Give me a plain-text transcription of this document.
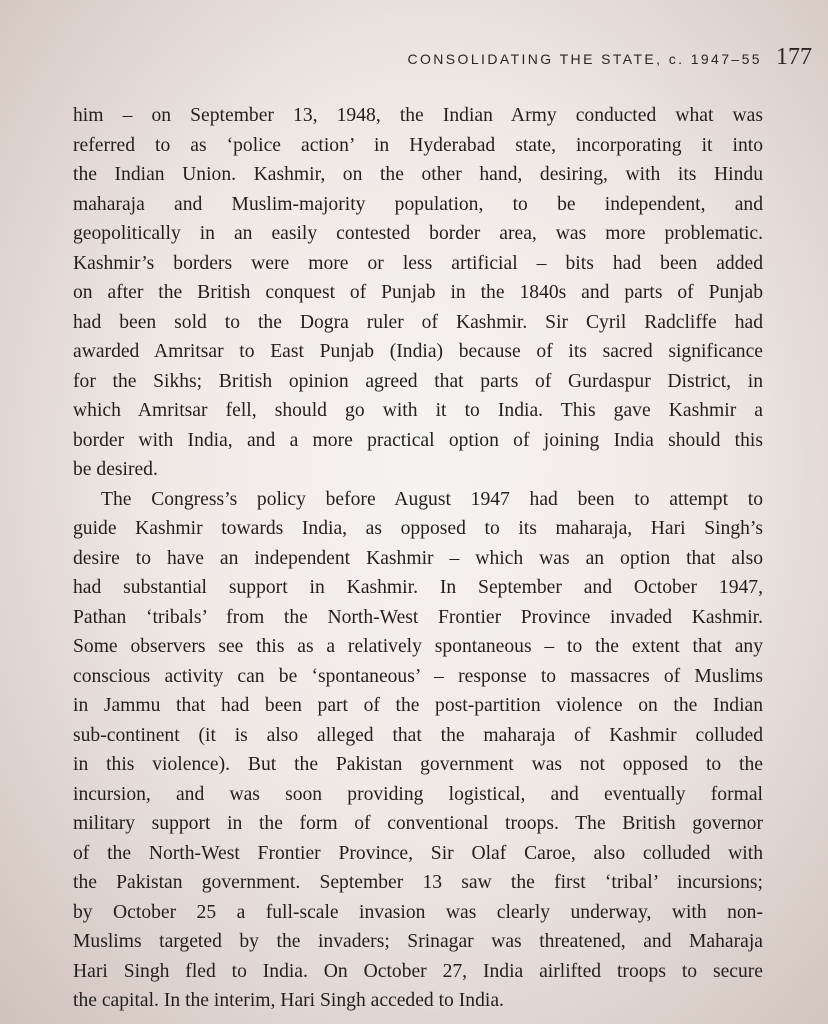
CONSOLIDATING THE STATE, c. 1947–55 177
him – on September 13, 1948, the Indian Army conducted what was
referred to as ‘police action’ in Hyderabad state, incorporating it into
the Indian Union. Kashmir, on the other hand, desiring, with its Hindu
maharaja and Muslim-majority population, to be independent, and
geopolitically in an easily contested border area, was more problematic.
Kashmir’s borders were more or less artificial – bits had been added
on after the British conquest of Punjab in the 1840s and parts of Punjab
had been sold to the Dogra ruler of Kashmir. Sir Cyril Radcliffe had
awarded Amritsar to East Punjab (India) because of its sacred significance
for the Sikhs; British opinion agreed that parts of Gurdaspur District, in
which Amritsar fell, should go with it to India. This gave Kashmir a
border with India, and a more practical option of joining India should this
be desired.
The Congress’s policy before August 1947 had been to attempt to
guide Kashmir towards India, as opposed to its maharaja, Hari Singh’s
desire to have an independent Kashmir – which was an option that also
had substantial support in Kashmir. In September and October 1947,
Pathan ‘tribals’ from the North-West Frontier Province invaded Kashmir.
Some observers see this as a relatively spontaneous – to the extent that any
conscious activity can be ‘spontaneous’ – response to massacres of Muslims
in Jammu that had been part of the post-partition violence on the Indian
sub-continent (it is also alleged that the maharaja of Kashmir colluded
in this violence). But the Pakistan government was not opposed to the
incursion, and was soon providing logistical, and eventually formal
military support in the form of conventional troops. The British governor
of the North-West Frontier Province, Sir Olaf Caroe, also colluded with
the Pakistan government. September 13 saw the first ‘tribal’ incursions;
by October 25 a full-scale invasion was clearly underway, with non-
Muslims targeted by the invaders; Srinagar was threatened, and Maharaja
Hari Singh fled to India. On October 27, India airlifted troops to secure
the capital. In the interim, Hari Singh acceded to India.
